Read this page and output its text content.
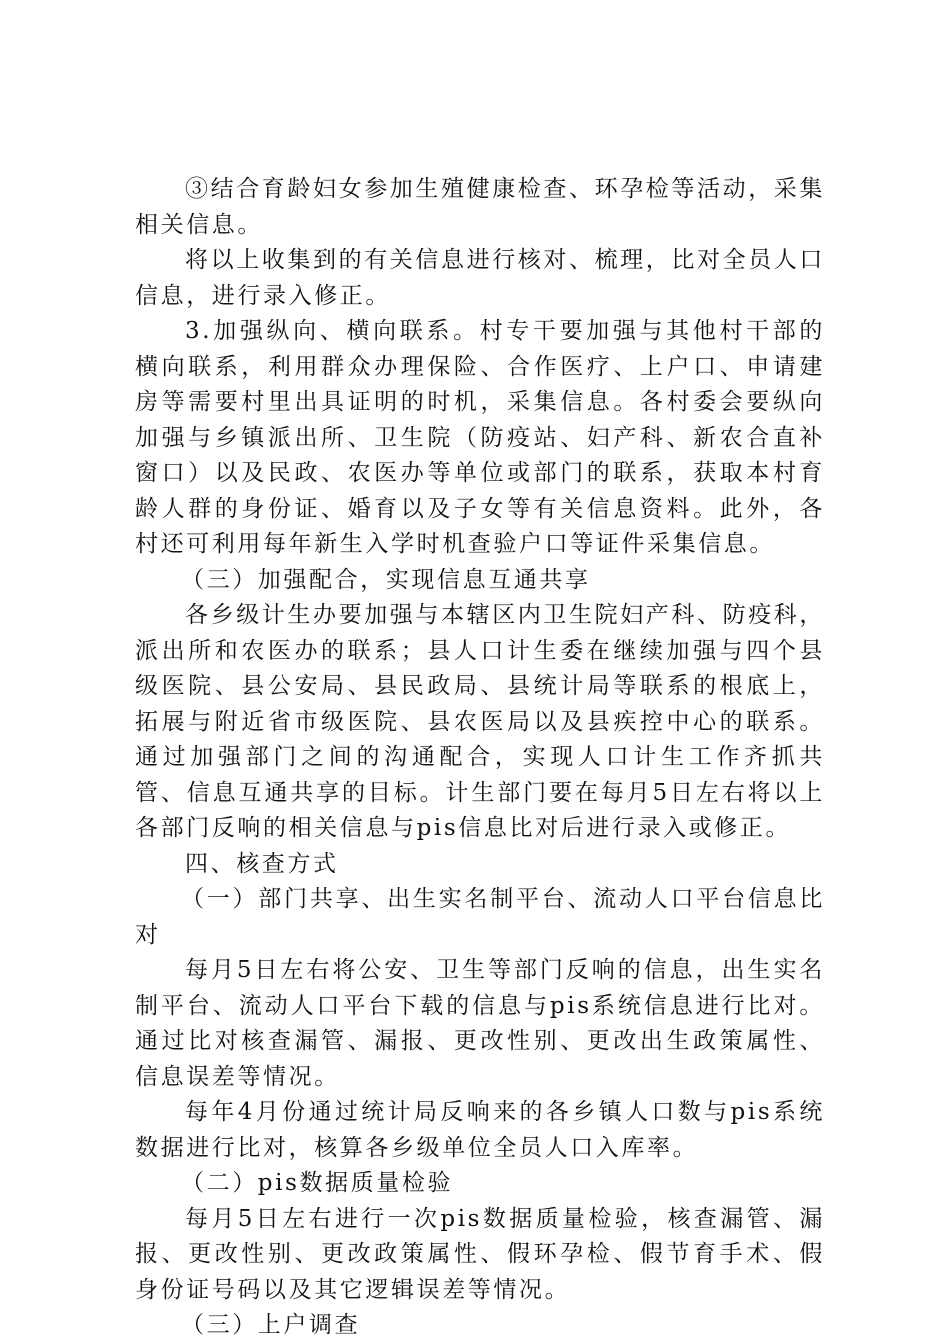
③结合育龄妇女参加生殖健康检查、环孕检等活动，采集相关信息。

将以上收集到的有关信息进行核对、梳理，比对全员人口信息，进行录入修正。

3.加强纵向、横向联系。村专干要加强与其他村干部的横向联系，利用群众办理保险、合作医疗、上户口、申请建房等需要村里出具证明的时机，采集信息。各村委会要纵向加强与乡镇派出所、卫生院（防疫站、妇产科、新农合直补窗口）以及民政、农医办等单位或部门的联系，获取本村育龄人群的身份证、婚育以及子女等有关信息资料。此外，各村还可利用每年新生入学时机查验户口等证件采集信息。

（三）加强配合，实现信息互通共享

各乡级计生办要加强与本辖区内卫生院妇产科、防疫科，派出所和农医办的联系；县人口计生委在继续加强与四个县级医院、县公安局、县民政局、县统计局等联系的根底上，拓展与附近省市级医院、县农医局以及县疾控中心的联系。通过加强部门之间的沟通配合，实现人口计生工作齐抓共管、信息互通共享的目标。计生部门要在每月5日左右将以上各部门反响的相关信息与pis信息比对后进行录入或修正。

四、核查方式

（一）部门共享、出生实名制平台、流动人口平台信息比对

每月5日左右将公安、卫生等部门反响的信息，出生实名制平台、流动人口平台下载的信息与pis系统信息进行比对。通过比对核查漏管、漏报、更改性别、更改出生政策属性、信息误差等情况。

每年4月份通过统计局反响来的各乡镇人口数与pis系统数据进行比对，核算各乡级单位全员人口入库率。

（二）pis数据质量检验

每月5日左右进行一次pis数据质量检验，核查漏管、漏报、更改性别、更改政策属性、假环孕检、假节育手术、假身份证号码以及其它逻辑误差等情况。

（三）上户调查
